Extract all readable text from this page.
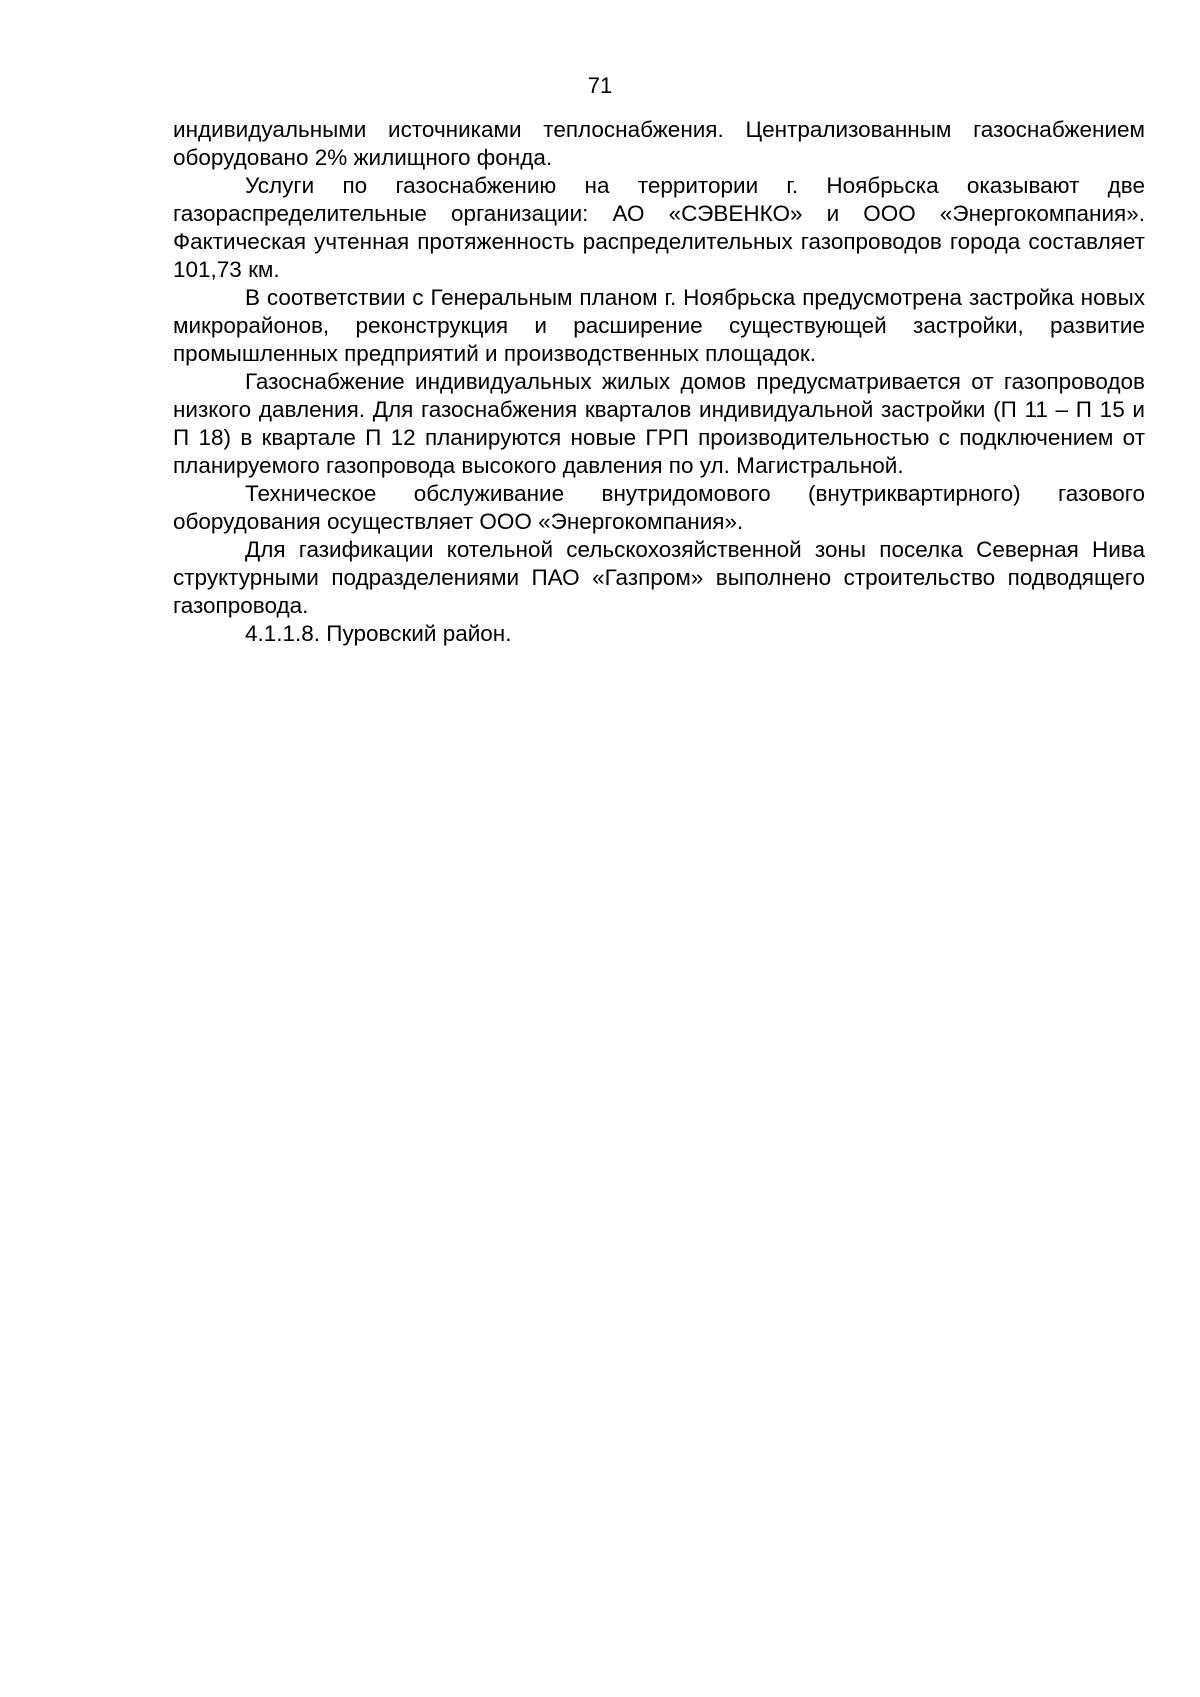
71

индивидуальными источниками теплоснабжения. Централизованным газоснабжением оборудовано 2% жилищного фонда.

Услуги по газоснабжению на территории г. Ноябрьска оказывают две газораспределительные организации: АО «СЭВЕНКО» и ООО «Энергокомпания». Фактическая учтенная протяженность распределительных газопроводов города составляет 101,73 км.

В соответствии с Генеральным планом г. Ноябрьска предусмотрена застройка новых микрорайонов, реконструкция и расширение существующей застройки, развитие промышленных предприятий и производственных площадок.

Газоснабжение индивидуальных жилых домов предусматривается от газопроводов низкого давления. Для газоснабжения кварталов индивидуальной застройки (П 11 – П 15 и П 18) в квартале П 12 планируются новые ГРП производительностью с подключением от планируемого газопровода высокого давления по ул. Магистральной.

Техническое обслуживание внутридомового (внутриквартирного) газового оборудования осуществляет ООО «Энергокомпания».

Для газификации котельной сельскохозяйственной зоны поселка Северная Нива структурными подразделениями ПАО «Газпром» выполнено строительство подводящего газопровода.

4.1.1.8. Пуровский район.
